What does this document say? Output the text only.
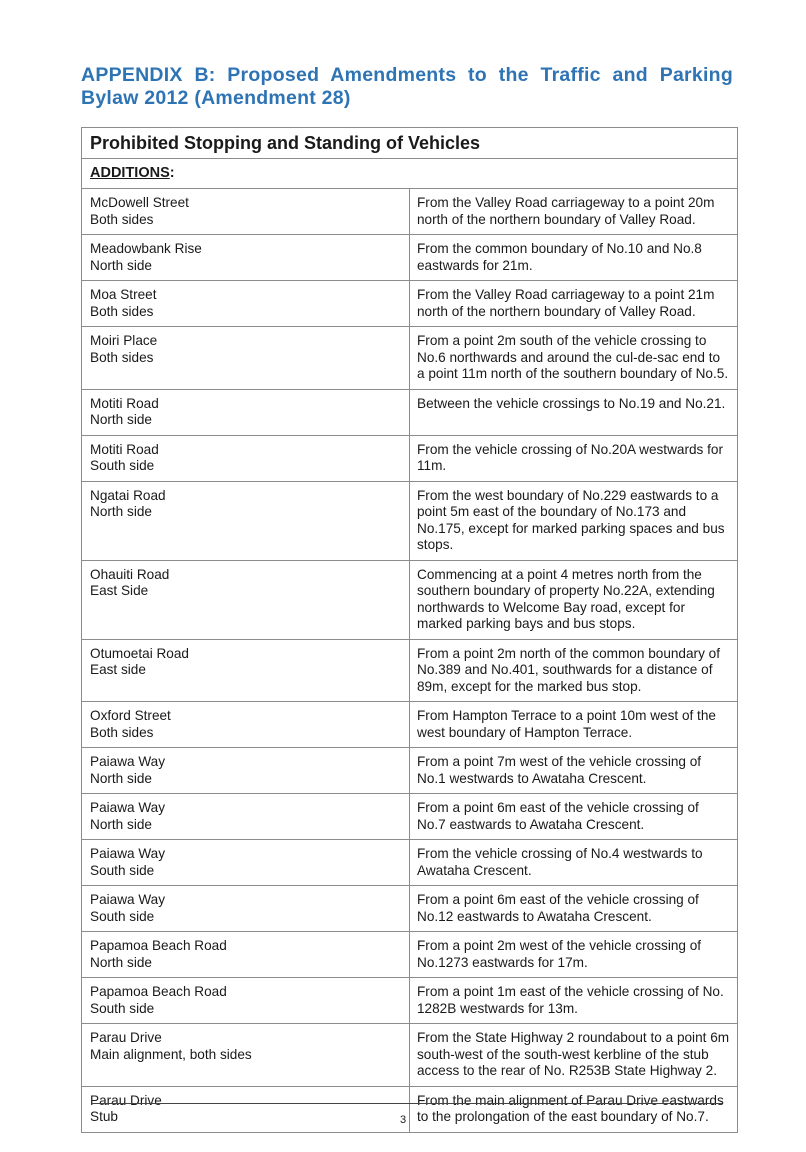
APPENDIX B: Proposed Amendments to the Traffic and Parking
Bylaw 2012 (Amendment 28)
Prohibited Stopping and Standing of Vehicles	
ADDITIONS:	

McDowell Street
Both sides	From the Valley Road carriageway to a point 20m north of the northern boundary of Valley Road.

Meadowbank Rise
North side	From the common boundary of No.10 and No.8 eastwards for 21m.

Moa Street
Both sides	From the Valley Road carriageway to a point 21m north of the northern boundary of Valley Road.

Moiri Place
Both sides	From a point 2m south of the vehicle crossing to No.6 northwards and around the cul-de-sac end to a point 11m north of the southern boundary of No.5.

Motiti Road
North side	Between the vehicle crossings to No.19 and No.21.

Motiti Road
South side	From the vehicle crossing of No.20A westwards for 11m.

Ngatai Road
North side	From the west boundary of No.229 eastwards to a point 5m east of the boundary of No.173 and No.175, except for marked parking spaces and bus stops.

Ohauiti Road
East Side	Commencing at a point 4 metres north from the southern boundary of property No.22A, extending northwards to Welcome Bay road, except for marked parking bays and bus stops.

Otumoetai Road
East side	From a point 2m north of the common boundary of No.389 and No.401, southwards for a distance of 89m, except for the marked bus stop.

Oxford Street
Both sides	From Hampton Terrace to a point 10m west of the west boundary of Hampton Terrace.

Paiawa Way
North side	From a point 7m west of the vehicle crossing of No.1 westwards to Awataha Crescent.

Paiawa Way
North side	From a point 6m east of the vehicle crossing of No.7 eastwards to Awataha Crescent.

Paiawa Way
South side	From the vehicle crossing of No.4 westwards to Awataha Crescent.

Paiawa Way
South side	From a point 6m east of the vehicle crossing of No.12 eastwards to Awataha Crescent.

Papamoa Beach Road
North side	From a point 2m west of the vehicle crossing of No.1273 eastwards for 17m.

Papamoa Beach Road
South side	From a point 1m east of the vehicle crossing of No. 1282B westwards for 13m.

Parau Drive
Main alignment, both sides	From the State Highway 2 roundabout to a point 6m south-west of the south-west kerbline of the stub access to the rear of No. R253B State Highway 2.

Parau Drive
Stub	From the main alignment of Parau Drive eastwards to the prolongation of the east boundary of No.7.
3
